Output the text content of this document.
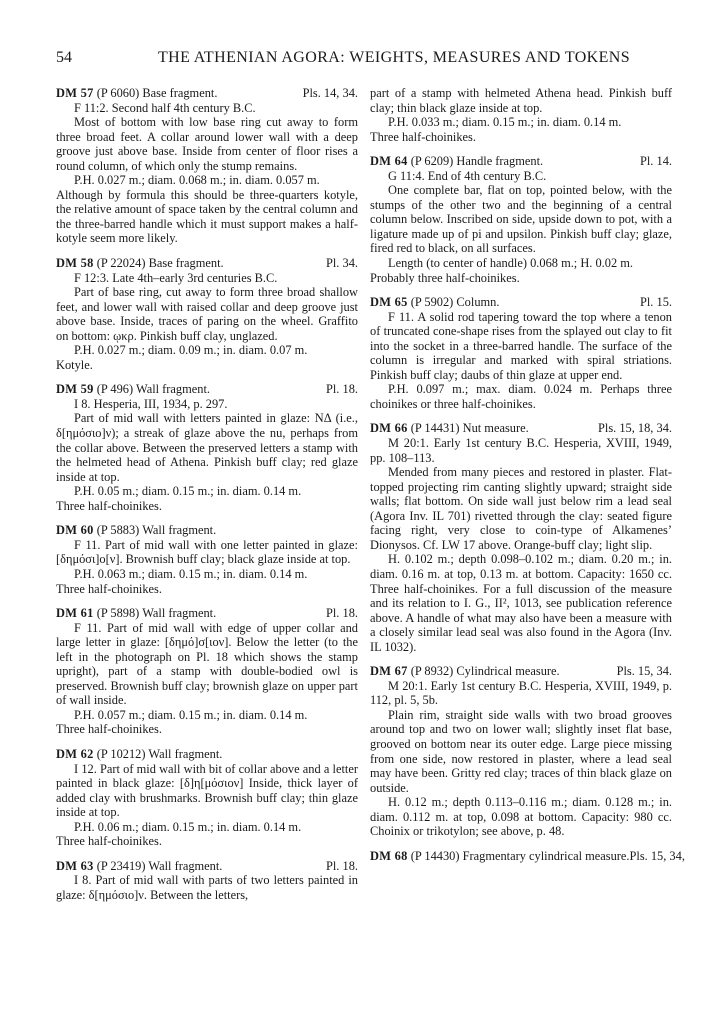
54	THE ATHENIAN AGORA: WEIGHTS, MEASURES AND TOKENS
DM 57 (P 6060) Base fragment.	Pls. 14, 34.

F 11:2. Second half 4th century B.C.

Most of bottom with low base ring cut away to form three broad feet. A collar around lower wall with a deep groove just above base. Inside from center of floor rises a round column, of which only the stump remains.

P.H. 0.027 m.; diam. 0.068 m.; in. diam. 0.057 m.

Although by formula this should be three-quarters kotyle, the relative amount of space taken by the central column and the three-barred handle which it must support makes a half-kotyle seem more likely.

DM 58 (P 22024) Base fragment.	Pl. 34.

F 12:3. Late 4th–early 3rd centuries B.C.

Part of base ring, cut away to form three broad shallow feet, and lower wall with raised collar and deep groove just above base. Inside, traces of paring on the wheel. Graffito on bottom: ῳκρ. Pinkish buff clay, unglazed.

P.H. 0.027 m.; diam. 0.09 m.; in. diam. 0.07 m.

Kotyle.

DM 59 (P 496) Wall fragment.	Pl. 18.

I 8. Hesperia, III, 1934, p. 297.

Part of mid wall with letters painted in glaze: ΝΔ (i.e., δ[ημόσιο]ν); a streak of glaze above the nu, perhaps from the collar above. Between the preserved letters a stamp with the helmeted head of Athena. Pinkish buff clay; red glaze inside at top.

P.H. 0.05 m.; diam. 0.15 m.; in. diam. 0.14 m.

Three half-choinikes.

DM 60 (P 5883) Wall fragment.

F 11. Part of mid wall with one letter painted in glaze: [δημόσι]ο[ν]. Brownish buff clay; black glaze inside at top.

P.H. 0.063 m.; diam. 0.15 m.; in. diam. 0.14 m.

Three half-choinikes.

DM 61 (P 5898) Wall fragment.	Pl. 18.

F 11. Part of mid wall with edge of upper collar and large letter in glaze: [δημό]σ[ιον]. Below the letter (to the left in the photograph on Pl. 18 which shows the stamp upright), part of a stamp with double-bodied owl is preserved. Brownish buff clay; brownish glaze on upper part of wall inside.

P.H. 0.057 m.; diam. 0.15 m.; in. diam. 0.14 m.

Three half-choinikes.

DM 62 (P 10212) Wall fragment.

I 12. Part of mid wall with bit of collar above and a letter painted in black glaze: [δ]η[μόσιον] Inside, thick layer of added clay with brushmarks. Brownish buff clay; thin glaze inside at top.

P.H. 0.06 m.; diam. 0.15 m.; in. diam. 0.14 m.

Three half-choinikes.

DM 63 (P 23419) Wall fragment.	Pl. 18.

I 8. Part of mid wall with parts of two letters painted in glaze: δ[ημόσιο]ν. Between the letters,

part of a stamp with helmeted Athena head. Pinkish buff clay; thin black glaze inside at top.

P.H. 0.033 m.; diam. 0.15 m.; in. diam. 0.14 m.

Three half-choinikes.

DM 64 (P 6209) Handle fragment.	Pl. 14.

G 11:4. End of 4th century B.C.

One complete bar, flat on top, pointed below, with the stumps of the other two and the beginning of a central column below. Inscribed on side, upside down to pot, with a ligature made up of pi and upsilon. Pinkish buff clay; glaze, fired red to black, on all surfaces.

Length (to center of handle) 0.068 m.; H. 0.02 m.

Probably three half-choinikes.

DM 65 (P 5902) Column.	Pl. 15.

F 11. A solid rod tapering toward the top where a tenon of truncated cone-shape rises from the splayed out clay to fit into the socket in a three-barred handle. The surface of the column is irregular and marked with spiral striations. Pinkish buff clay; daubs of thin glaze at upper end.

P.H. 0.097 m.; max. diam. 0.024 m. Perhaps three choinikes or three half-choinikes.

DM 66 (P 14431) Nut measure.	Pls. 15, 18, 34.

M 20:1. Early 1st century B.C. Hesperia, XVIII, 1949, pp. 108–113.

Mended from many pieces and restored in plaster. Flat-topped projecting rim canting slightly upward; straight side walls; flat bottom. On side wall just below rim a lead seal (Agora Inv. IL 701) rivetted through the clay: seated figure facing right, very close to coin-type of Alkamenes’ Dionysos. Cf. LW 17 above. Orange-buff clay; light slip.

H. 0.102 m.; depth 0.098–0.102 m.; diam. 0.20 m.; in. diam. 0.16 m. at top, 0.13 m. at bottom. Capacity: 1650 cc. Three half-choinikes. For a full discussion of the measure and its relation to I. G., II², 1013, see publication reference above. A handle of what may also have been a measure with a closely similar lead seal was also found in the Agora (Inv. IL 1032).

DM 67 (P 8932) Cylindrical measure.	Pls. 15, 34.

M 20:1. Early 1st century B.C. Hesperia, XVIII, 1949, p. 112, pl. 5, 5b.

Plain rim, straight side walls with two broad grooves around top and two on lower wall; slightly inset flat base, grooved on bottom near its outer edge. Large piece missing from one side, now restored in plaster, where a lead seal may have been. Gritty red clay; traces of thin black glaze on outside.

H. 0.12 m.; depth 0.113–0.116 m.; diam. 0.128 m.; in. diam. 0.112 m. at top, 0.098 at bottom. Capacity: 980 cc. Choinix or trikotylon; see above, p. 48.

DM 68 (P 14430) Fragmentary cylindrical measure. Pls. 15, 34,
